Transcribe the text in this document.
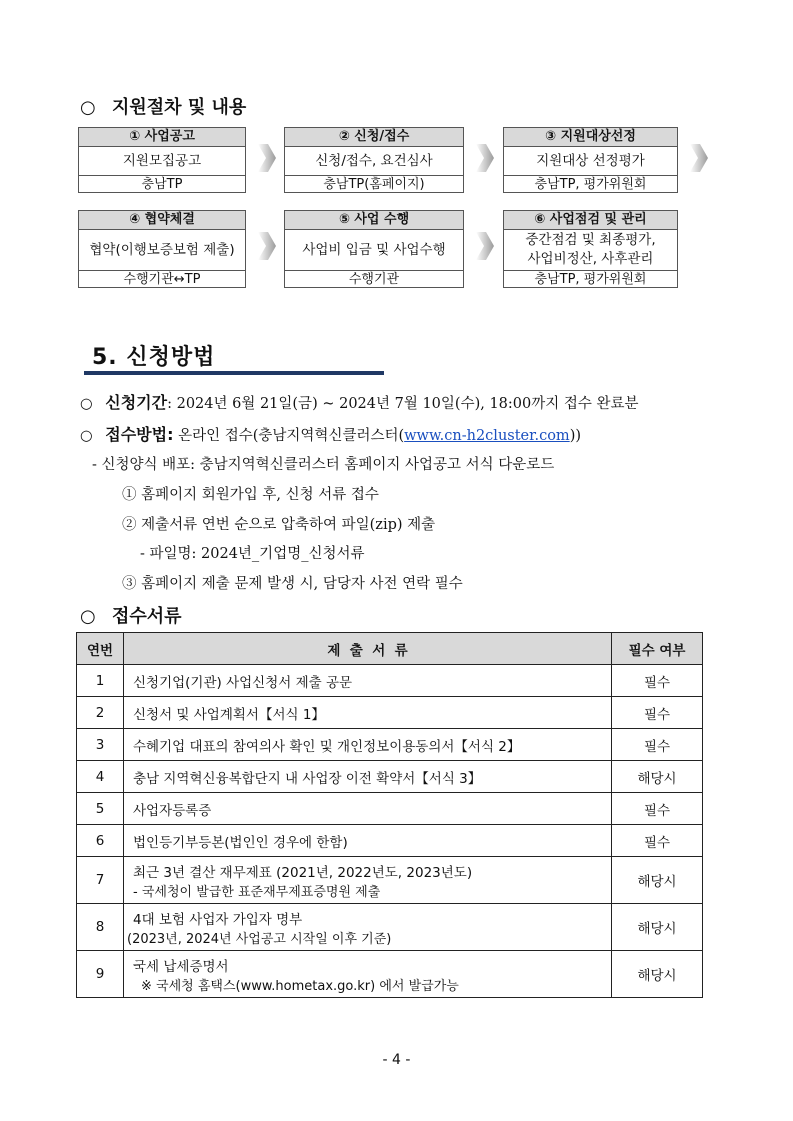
○ 지원절차 및 내용
① 사업공고
지원모집공고
충남TP
② 신청/접수
신청/접수, 요건심사
충남TP(홈페이지)
③ 지원대상선정
지원대상 선정평가
충남TP, 평가위원회
④ 협약체결
협약(이행보증보험 제출)
수행기관↔TP
⑤ 사업 수행
사업비 입금 및 사업수행
수행기관
⑥ 사업점검 및 관리
중간점검 및 최종평가,
사업비정산, 사후관리
충남TP, 평가위원회
5. 신청방법
○ 신청기간: 2024년 6월 21일(금) ~ 2024년 7월 10일(수), 18:00까지 접수 완료분
○ 접수방법: 온라인 접수(충남지역혁신클러스터(www.cn-h2cluster.com))
- 신청양식 배포: 충남지역혁신클러스터 홈페이지 사업공고 서식 다운로드
① 홈페이지 회원가입 후, 신청 서류 접수
② 제출서류 연번 순으로 압축하여 파일(zip) 제출
- 파일명: 2024년_기업명_신청서류
③ 홈페이지 제출 문제 발생 시, 담당자 사전 연락 필수
○ 접수서류
연번	제  출  서  류	필수 여부
1	신청기업(기관) 사업신청서 제출 공문	필수
2	신청서 및 사업계획서【서식 1】	필수
3	수혜기업 대표의 참여의사 확인 및 개인정보이용동의서【서식 2】	필수
4	충남 지역혁신융복합단지 내 사업장 이전 확약서【서식 3】	해당시
5	사업자등록증	필수
6	법인등기부등본(법인인 경우에 한함)	필수
7	최근 3년 결산 재무제표 (2021년, 2022년도, 2023년도)
- 국세청이 발급한 표준재무제표증명원 제출	해당시
8	4대 보험 사업자 가입자 명부
(2023년, 2024년 사업공고 시작일 이후 기준)	해당시
9	국세 납세증명서
※ 국세청 홈택스(www.hometax.go.kr) 에서 발급가능	해당시
- 4 -
